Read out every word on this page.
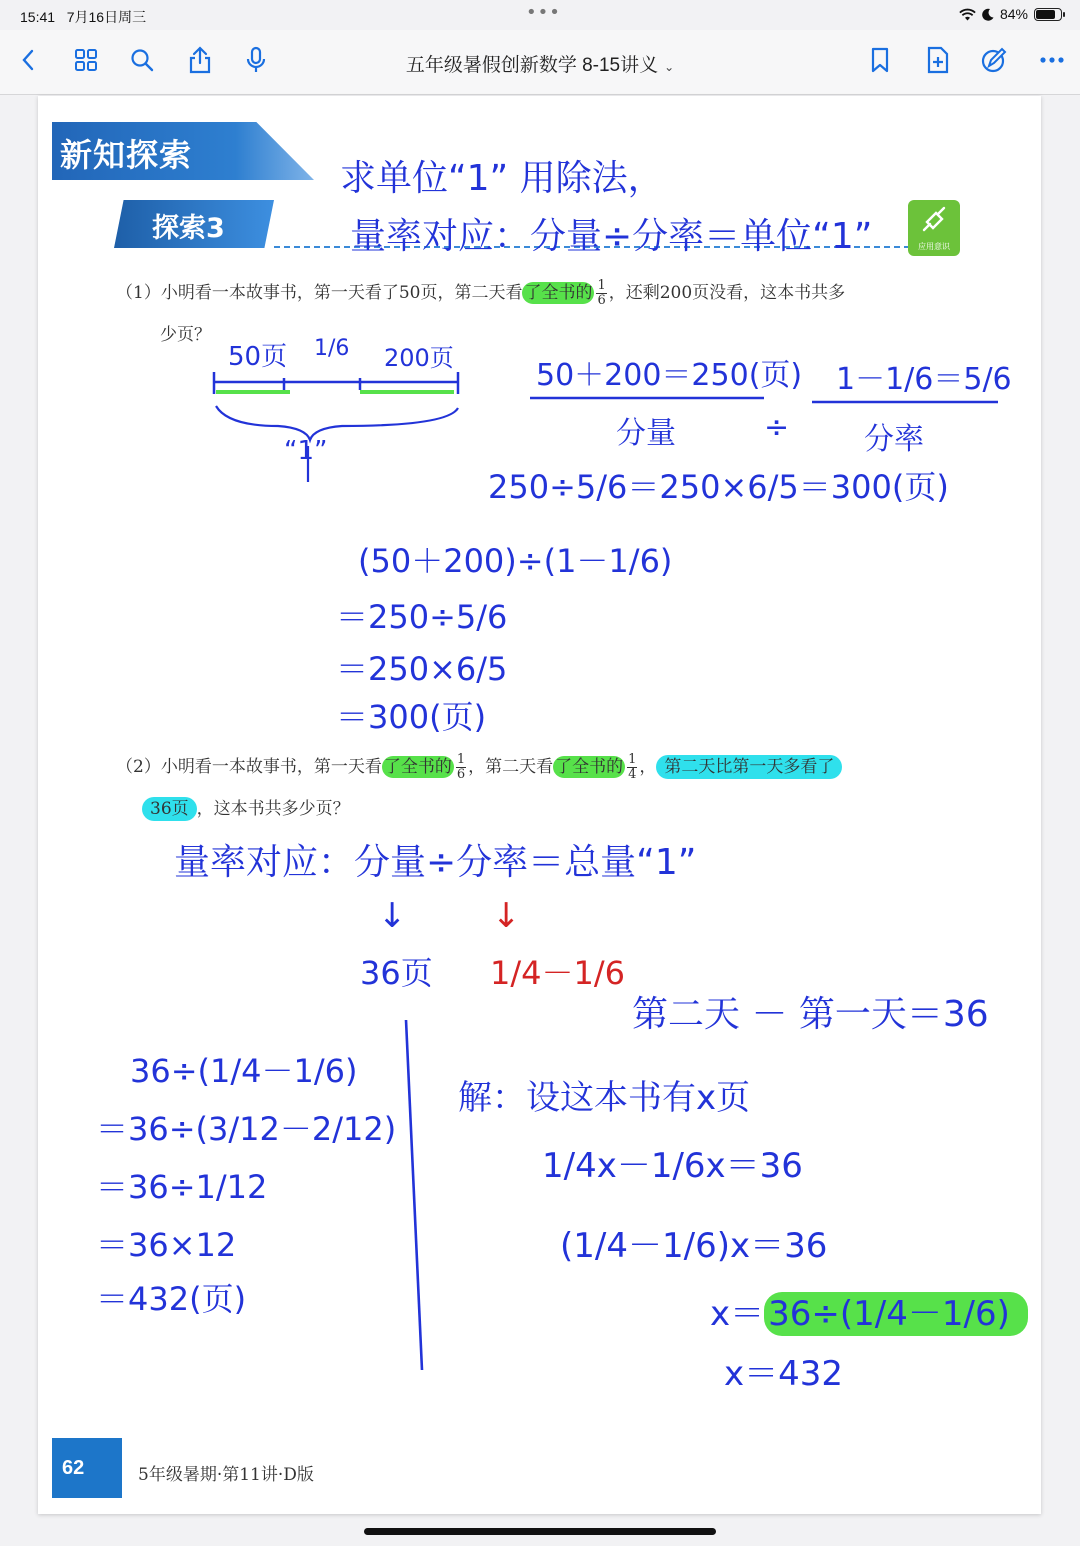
15:41 7月16日周三	•••	84%
五年级暑假创新数学 8-15讲义 ⌄
新知探索
探索3
应用意识
求单位“1” 用除法，
量率对应：分量÷分率＝单位“1”
（1）小明看一本故事书，第一天看了50页，第二天看 了全书的 $\frac{1}{6}$ ，还剩200页没看，这本书共多
少页？
50页 1/6 200页
“1”
50＋200＝250(页)
分量	÷
1－1/6＝5/6
分率
250÷5/6＝250×6/5＝300(页)
(50＋200)÷(1－1/6)
＝250÷5/6
＝250×6/5
＝300(页)
（2）小明看一本故事书，第一天看 了全书的 $\frac{1}{6}$ ，第二天看 了全书的 $\frac{1}{4}$ ， 第二天比第一天多看了
36页 ，这本书共多少页？
量率对应：分量÷分率＝总量“1”
↓	↓
36页 1/4－1/6
36÷(1/4－1/6)
＝36÷(3/12－2/12)
＝36÷1/12
＝36×12
＝432(页)
第二天 － 第一天＝36
解：设这本书有x页
1/4x－1/6x＝36
(1/4－1/6)x＝36
x＝ 36÷(1/4－1/6)
x＝432
62	5年级暑期·第11讲·D版
